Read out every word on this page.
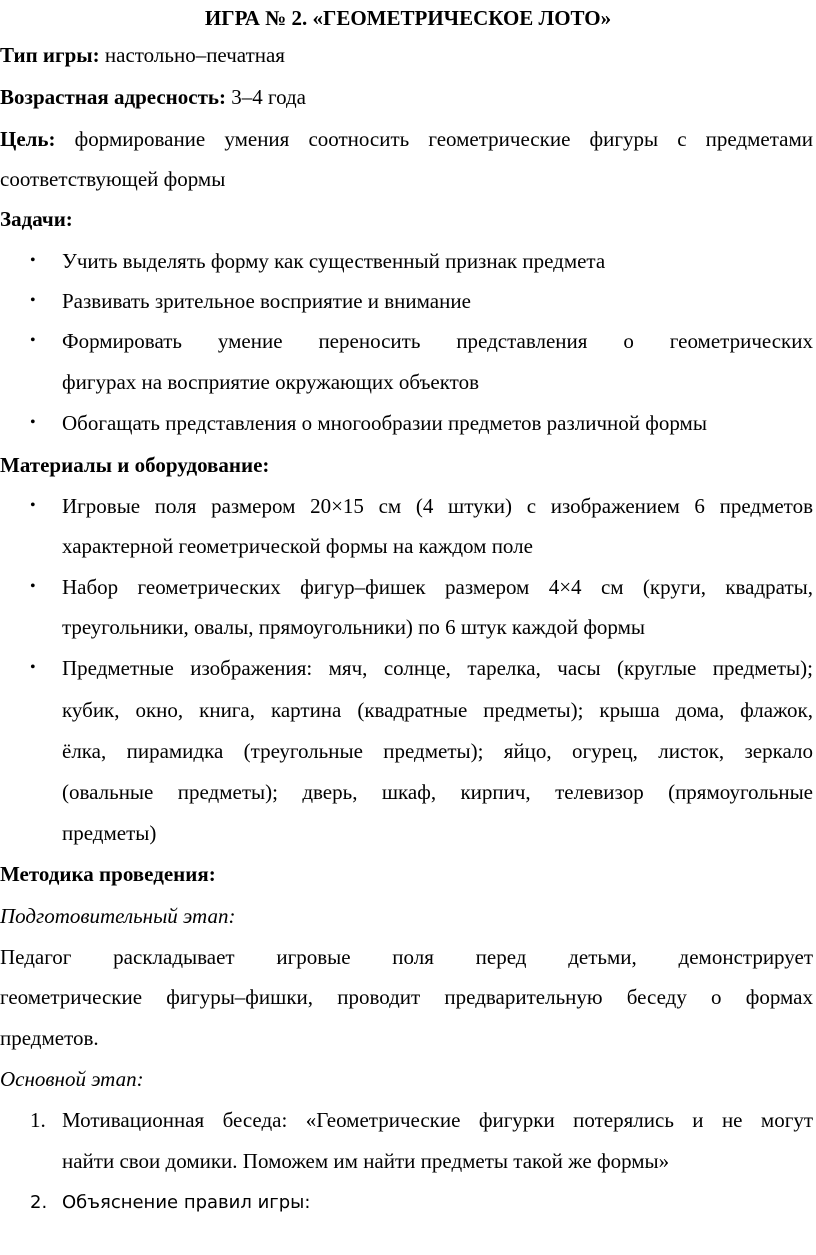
ИГРА № 2. «ГЕОМЕТРИЧЕСКОЕ ЛОТО»
Тип игры: настольно–печатная
Возрастная адресность: 3–4 года
Цель: формирование умения соотносить геометрические фигуры с предметами
соответствующей формы
Задачи:
• Учить выделять форму как существенный признак предмета
• Развивать зрительное восприятие и внимание
• Формировать умение переносить представления о геометрических
фигурах на восприятие окружающих объектов
• Обогащать представления о многообразии предметов различной формы
Материалы и оборудование:
• Игровые поля размером 20×15 см (4 штуки) с изображением 6 предметов
характерной геометрической формы на каждом поле
• Набор геометрических фигур–фишек размером 4×4 см (круги, квадраты,
треугольники, овалы, прямоугольники) по 6 штук каждой формы
• Предметные изображения: мяч, солнце, тарелка, часы (круглые предметы);
кубик, окно, книга, картина (квадратные предметы); крыша дома, флажок,
ёлка, пирамидка (треугольные предметы); яйцо, огурец, листок, зеркало
(овальные предметы); дверь, шкаф, кирпич, телевизор (прямоугольные
предметы)
Методика проведения:
Подготовительный этап:
Педагог раскладывает игровые поля перед детьми, демонстрирует
геометрические фигуры–фишки, проводит предварительную беседу о формах
предметов.
Основной этап:
1. Мотивационная беседа: «Геометрические фигурки потерялись и не могут
найти свои домики. Поможем им найти предметы такой же формы»
2. Объяснение правил игры:
